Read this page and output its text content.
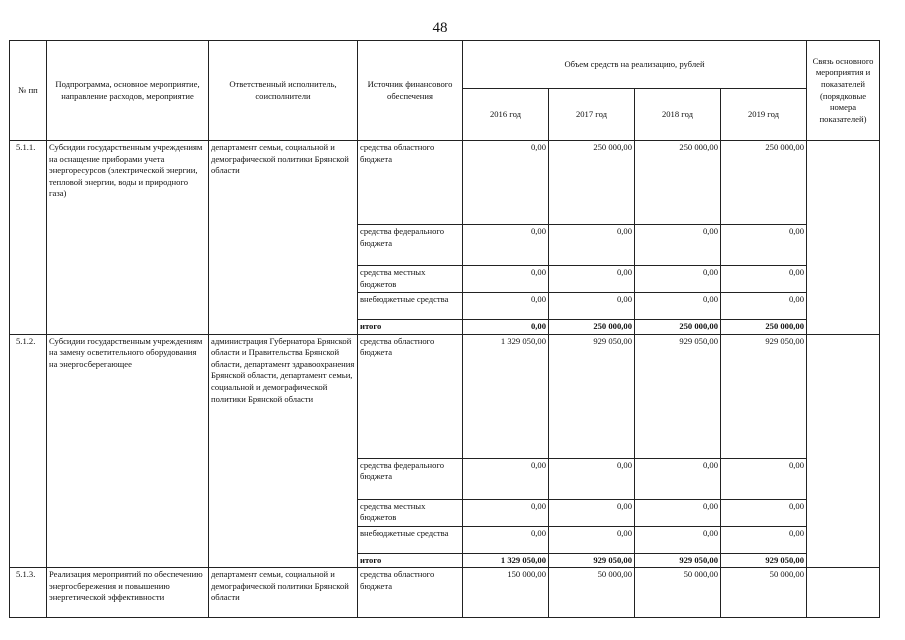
48
№ пп	Подпрограмма, основное мероприятие, направление расходов, мероприятие	Ответственный исполнитель, соисполнители	Источник финансового обеспечения	Объем средств на реализацию, рублей				Связь основного мероприятия и показателей (порядковые номера показателей)
				2016 год	2017 год	2018 год	2019 год	
5.1.1.	Субсидии государственным учреждениям на оснащение приборами учета энергоресурсов (электрической энергии, тепловой энергии, воды и природного газа)	департамент семьи, социальной и демографической политики Брянской области	средства областного бюджета	0,00	250 000,00	250 000,00	250 000,00	
			средства федерального бюджета	0,00	0,00	0,00	0,00	
			средства местных бюджетов	0,00	0,00	0,00	0,00	
			внебюджетные средства	0,00	0,00	0,00	0,00	
			итого	0,00	250 000,00	250 000,00	250 000,00	
5.1.2.	Субсидии государственным учреждениям на замену осветительного оборудования на энергосберегающее	администрация Губернатора Брянской области и Правительства Брянской области, департамент здравоохранения Брянской области, департамент семьи, социальной и демографической политики Брянской области	средства областного бюджета	1 329 050,00	929 050,00	929 050,00	929 050,00	
			средства федерального бюджета	0,00	0,00	0,00	0,00	
			средства местных бюджетов	0,00	0,00	0,00	0,00	
			внебюджетные средства	0,00	0,00	0,00	0,00	
			итого	1 329 050,00	929 050,00	929 050,00	929 050,00	
5.1.3.	Реализация мероприятий по обеспечению энергосбережения и повышению энергетической эффективности	департамент семьи, социальной и демографической политики Брянской области	средства областного бюджета	150 000,00	50 000,00	50 000,00	50 000,00	
